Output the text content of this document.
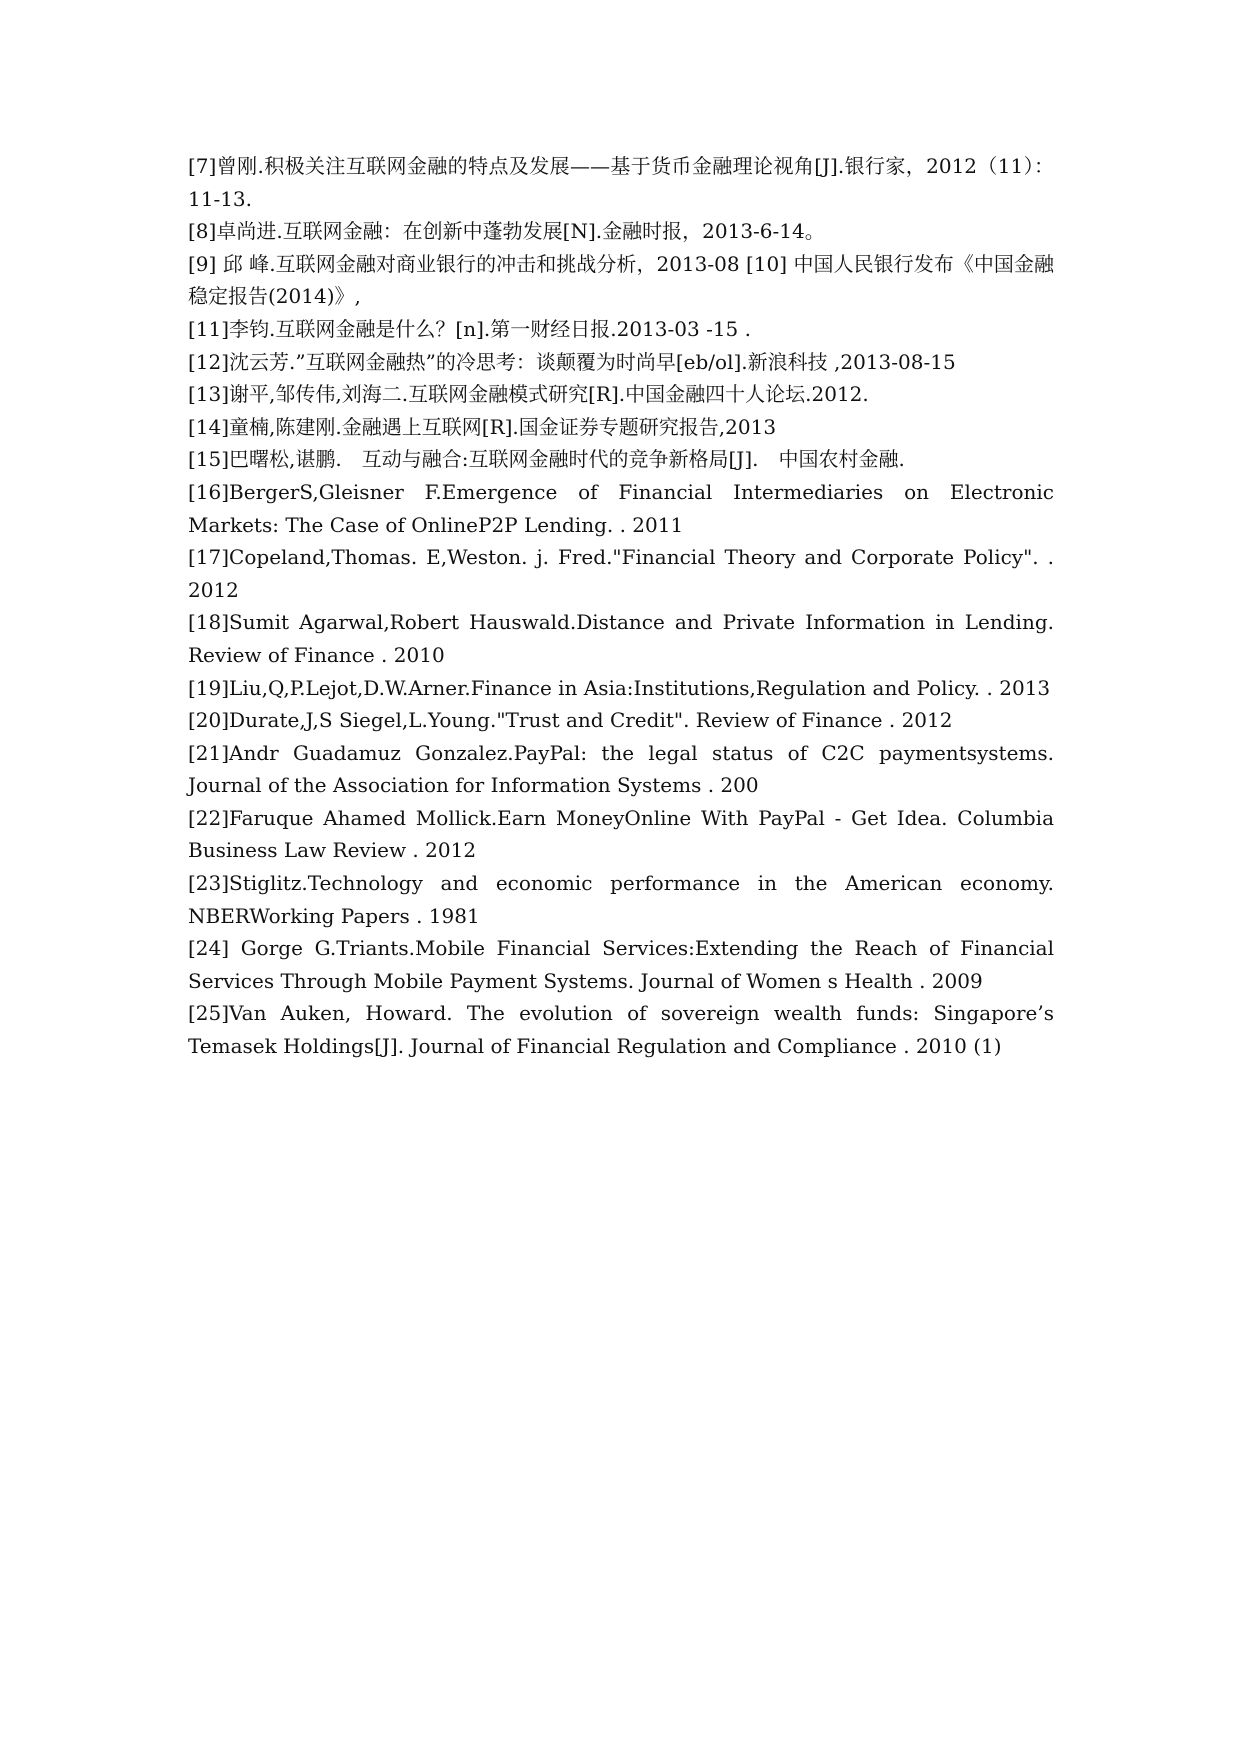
[7]曾刚.积极关注互联网金融的特点及发展——基于货币金融理论视角[J].银行家，2012（11）：11-13.
[8]卓尚进.互联网金融：在创新中蓬勃发展[N].金融时报，2013-6-14。
[9] 邱 峰.互联网金融对商业银行的冲击和挑战分析，2013-08 [10] 中国人民银行发布《中国金融稳定报告(2014)》,
[11]李钧.互联网金融是什么？[n].第一财经日报.2013-03 -15 .
[12]沈云芳.”互联网金融热”的冷思考：谈颠覆为时尚早[eb/ol].新浪科技 ,2013-08-15
[13]谢平,邹传伟,刘海二.互联网金融模式研究[R].中国金融四十人论坛.2012.
[14]童楠,陈建刚.金融遇上互联网[R].国金证券专题研究报告,2013
[15]巴曙松,谌鹏.　互动与融合:互联网金融时代的竞争新格局[J].　中国农村金融.
[16]BergerS,Gleisner F.Emergence of Financial Intermediaries on Electronic Markets: The Case of OnlineP2P Lending. . 2011
[17]Copeland,Thomas. E,Weston. j. Fred."Financial Theory and Corporate Policy". . 2012
[18]Sumit Agarwal,Robert Hauswald.Distance and Private Information in Lending. Review of Finance . 2010
[19]Liu,Q,P.Lejot,D.W.Arner.Finance in Asia:Institutions,Regulation and Policy. . 2013
[20]Durate,J,S Siegel,L.Young."Trust and Credit". Review of Finance . 2012
[21]Andr Guadamuz Gonzalez.PayPal: the legal status of C2C paymentsystems. Journal of the Association for Information Systems . 200
[22]Faruque Ahamed Mollick.Earn MoneyOnline With PayPal - Get Idea. Columbia Business Law Review . 2012
[23]Stiglitz.Technology and economic performance in the American economy. NBERWorking Papers . 1981
[24] Gorge G.Triants.Mobile Financial Services:Extending the Reach of Financial Services Through Mobile Payment Systems. Journal of Women s Health . 2009
[25]Van Auken, Howard. The evolution of sovereign wealth funds: Singapore’s Temasek Holdings[J]. Journal of Financial Regulation and Compliance . 2010 (1)
